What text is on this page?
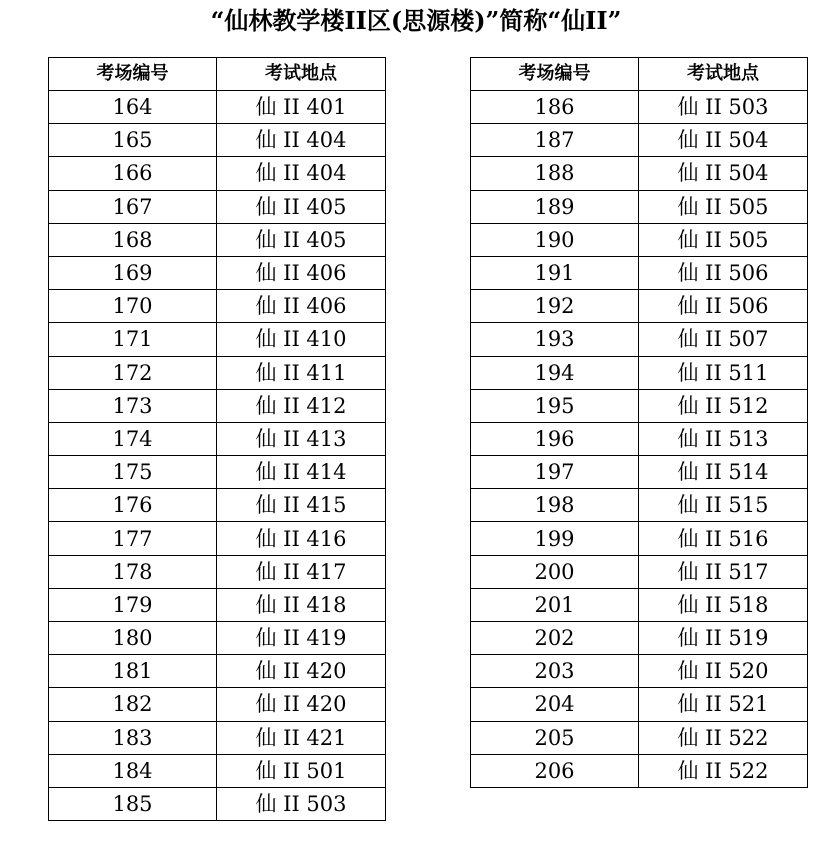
“仙林教学楼II区(思源楼)”简称“仙II”
考场编号	考试地点
164	仙 II 401
165	仙 II 404
166	仙 II 404
167	仙 II 405
168	仙 II 405
169	仙 II 406
170	仙 II 406
171	仙 II 410
172	仙 II 411
173	仙 II 412
174	仙 II 413
175	仙 II 414
176	仙 II 415
177	仙 II 416
178	仙 II 417
179	仙 II 418
180	仙 II 419
181	仙 II 420
182	仙 II 420
183	仙 II 421
184	仙 II 501
185	仙 II 503
考场编号	考试地点
186	仙 II 503
187	仙 II 504
188	仙 II 504
189	仙 II 505
190	仙 II 505
191	仙 II 506
192	仙 II 506
193	仙 II 507
194	仙 II 511
195	仙 II 512
196	仙 II 513
197	仙 II 514
198	仙 II 515
199	仙 II 516
200	仙 II 517
201	仙 II 518
202	仙 II 519
203	仙 II 520
204	仙 II 521
205	仙 II 522
206	仙 II 522
